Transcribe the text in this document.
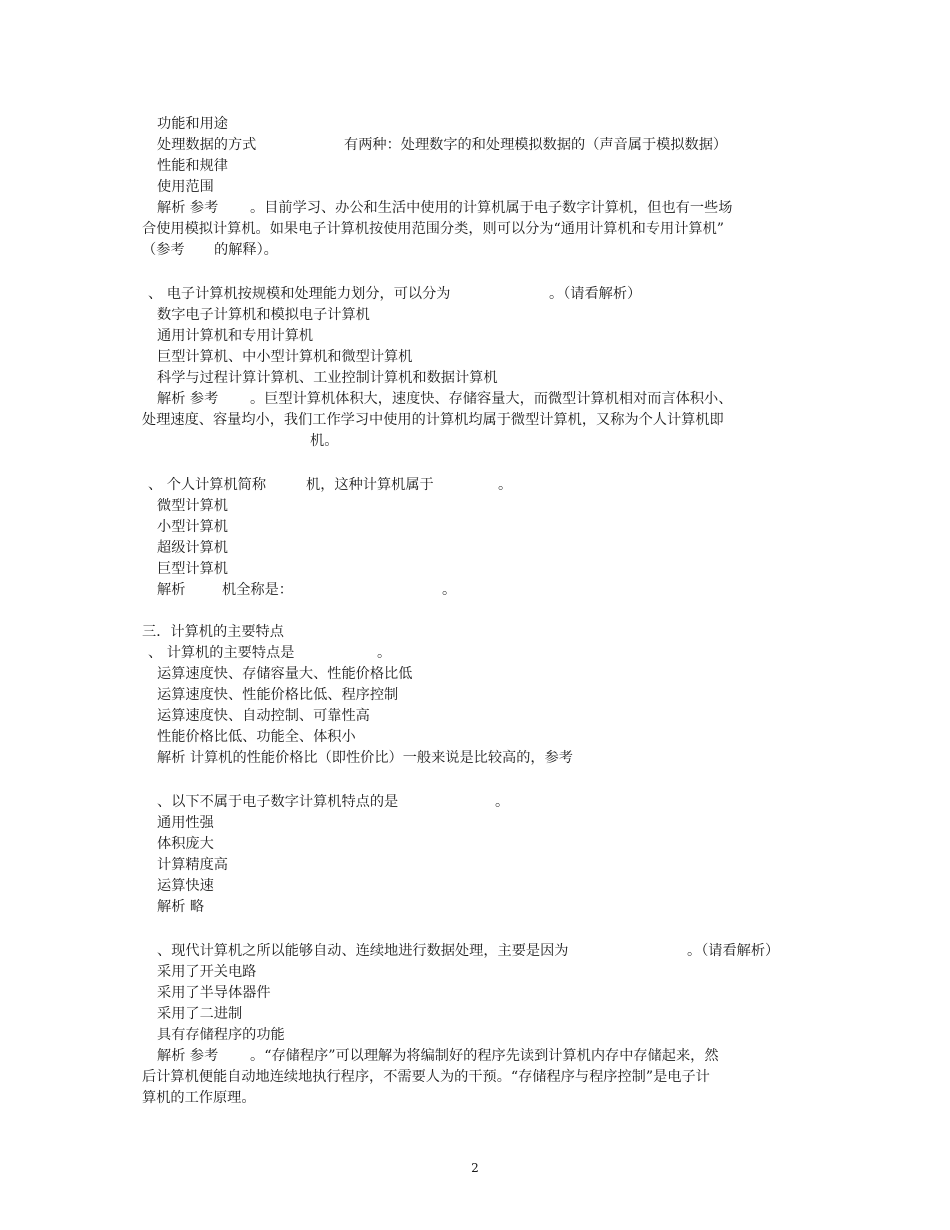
功能和用途
处理数据的方式	有两种：处理数字的和处理模拟数据的（声音属于模拟数据）
性能和规律
使用范围
解析 参考 。目前学习、办公和生活中使用的计算机属于电子数字计算机，但也有一些场
合使用模拟计算机。如果电子计算机按使用范围分类，则可以分为“通用计算机和专用计算机”
（参考 的解释）。
、 电子计算机按规模和处理能力划分，可以分为	。（请看解析）
数字电子计算机和模拟电子计算机
通用计算机和专用计算机
巨型计算机、中小型计算机和微型计算机
科学与过程计算计算机、工业控制计算机和数据计算机
解析 参考 。巨型计算机体积大，速度快、存储容量大，而微型计算机相对而言体积小、
处理速度、容量均小，我们工作学习中使用的计算机均属于微型计算机，又称为个人计算机即
机。
、 个人计算机简称	机，这种计算机属于	。
微型计算机
小型计算机
超级计算机
巨型计算机
解析	机全称是：	。
三．计算机的主要特点
、 计算机的主要特点是	。
运算速度快、存储容量大、性能价格比低
运算速度快、性能价格比低、程序控制
运算速度快、自动控制、可靠性高
性能价格比低、功能全、体积小
解析 计算机的性能价格比（即性价比）一般来说是比较高的，参考
、以下不属于电子数字计算机特点的是	。
通用性强
体积庞大
计算精度高
运算快速
解析 略
、现代计算机之所以能够自动、连续地进行数据处理，主要是因为	。（请看解析）
采用了开关电路
采用了半导体器件
采用了二进制
具有存储程序的功能
解析 参考 。“存储程序”可以理解为将编制好的程序先读到计算机内存中存储起来，然
后计算机便能自动地连续地执行程序，不需要人为的干预。“存储程序与程序控制”是电子计
算机的工作原理。
2
